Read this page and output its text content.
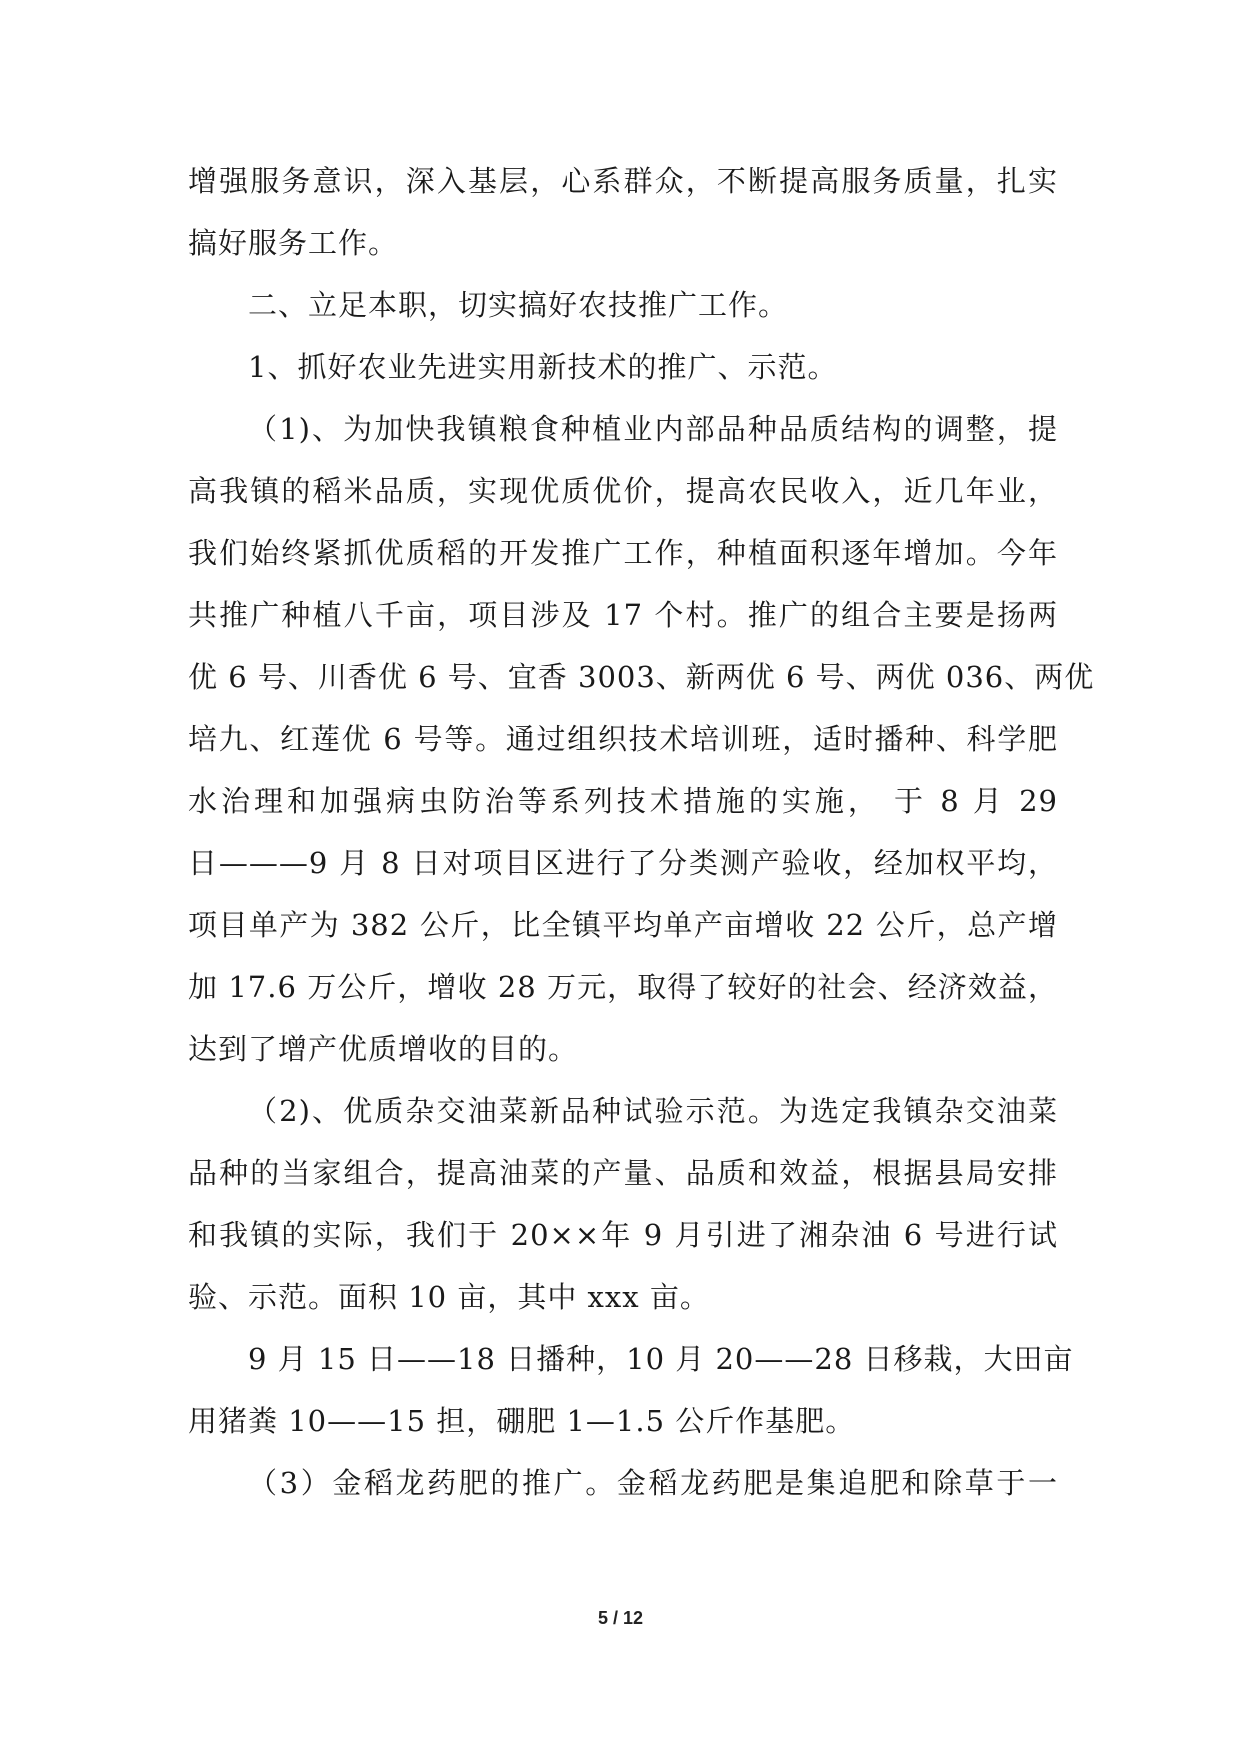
增强服务意识，深入基层，心系群众，不断提高服务质量，扎实
搞好服务工作。
二、立足本职，切实搞好农技推广工作。
1、抓好农业先进实用新技术的推广、示范。
（1)、为加快我镇粮食种植业内部品种品质结构的调整，提
高我镇的稻米品质，实现优质优价，提高农民收入，近几年业，
我们始终紧抓优质稻的开发推广工作，种植面积逐年增加。今年
共推广种植八千亩，项目涉及 17 个村。推广的组合主要是扬两
优 6 号、川香优 6 号、宜香 3003、新两优 6 号、两优 036、两优
培九、红莲优 6 号等。通过组织技术培训班，适时播种、科学肥
水治理和加强病虫防治等系列技术措施的实施， 于 8 月 29
日———9 月 8 日对项目区进行了分类测产验收，经加权平均，
项目单产为 382 公斤，比全镇平均单产亩增收 22 公斤，总产增
加 17.6 万公斤，增收 28 万元，取得了较好的社会、经济效益，
达到了增产优质增收的目的。
（2)、优质杂交油菜新品种试验示范。为选定我镇杂交油菜
品种的当家组合，提高油菜的产量、品质和效益，根据县局安排
和我镇的实际，我们于 20××年 9 月引进了湘杂油 6 号进行试
验、示范。面积 10 亩，其中 xxx 亩。
9 月 15 日——18 日播种，10 月 20——28 日移栽，大田亩
用猪粪 10——15 担，硼肥 1—1.5 公斤作基肥。
（3）金稻龙药肥的推广。金稻龙药肥是集追肥和除草于一
5 / 12
